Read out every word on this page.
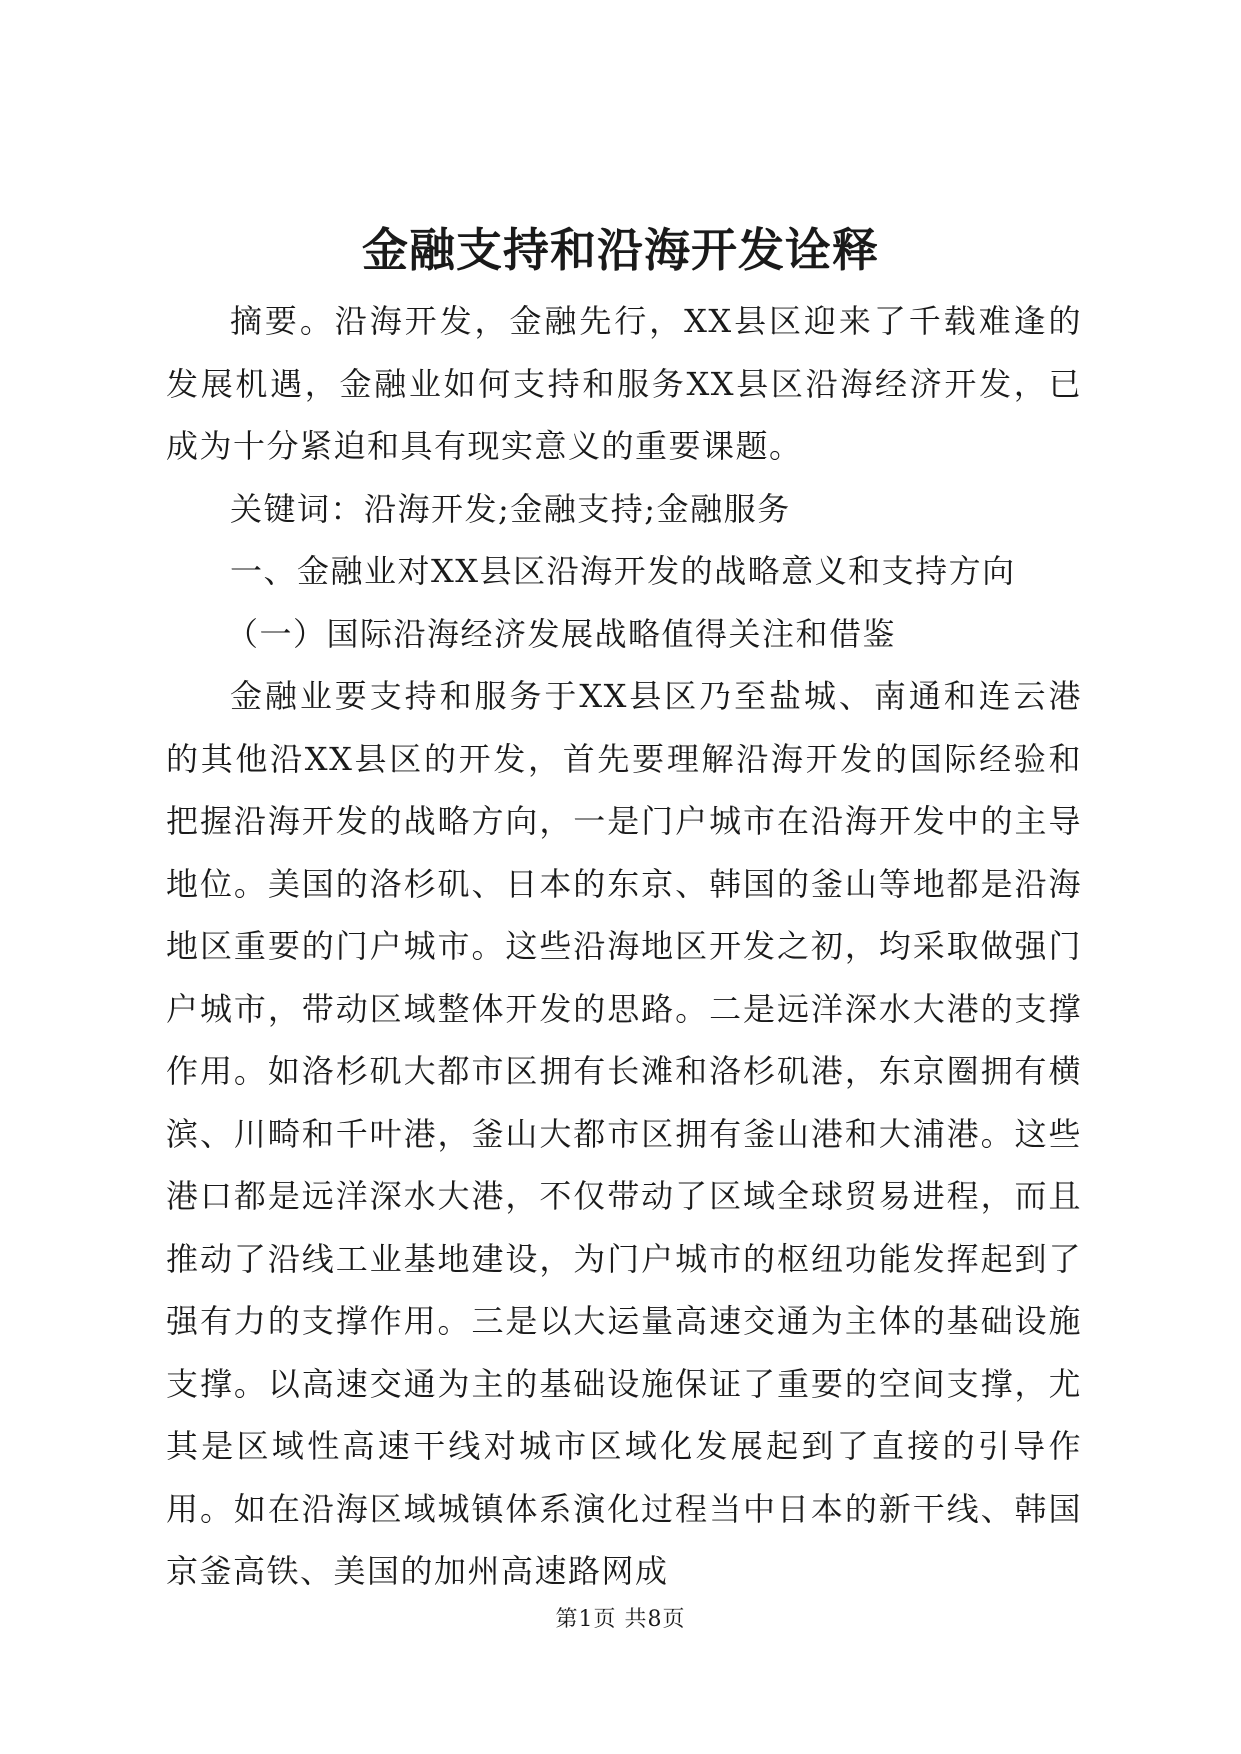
金融支持和沿海开发诠释

摘要。沿海开发，金融先行，XX县区迎来了千载难逢的发展机遇，金融业如何支持和服务XX县区沿海经济开发，已成为十分紧迫和具有现实意义的重要课题。

关键词：沿海开发;金融支持;金融服务

一、金融业对XX县区沿海开发的战略意义和支持方向

（一）国际沿海经济发展战略值得关注和借鉴

金融业要支持和服务于XX县区乃至盐城、南通和连云港的其他沿XX县区的开发，首先要理解沿海开发的国际经验和把握沿海开发的战略方向，一是门户城市在沿海开发中的主导地位。美国的洛杉矶、日本的东京、韩国的釜山等地都是沿海地区重要的门户城市。这些沿海地区开发之初，均采取做强门户城市，带动区域整体开发的思路。二是远洋深水大港的支撑作用。如洛杉矶大都市区拥有长滩和洛杉矶港，东京圈拥有横滨、川畸和千叶港，釜山大都市区拥有釜山港和大浦港。这些港口都是远洋深水大港，不仅带动了区域全球贸易进程，而且推动了沿线工业基地建设，为门户城市的枢纽功能发挥起到了强有力的支撑作用。三是以大运量高速交通为主体的基础设施支撑。以高速交通为主的基础设施保证了重要的空间支撑，尤其是区域性高速干线对城市区域化发展起到了直接的引导作用。如在沿海区域城镇体系演化过程当中日本的新干线、韩国京釜高铁、美国的加州高速路网成

第1页 共8页
